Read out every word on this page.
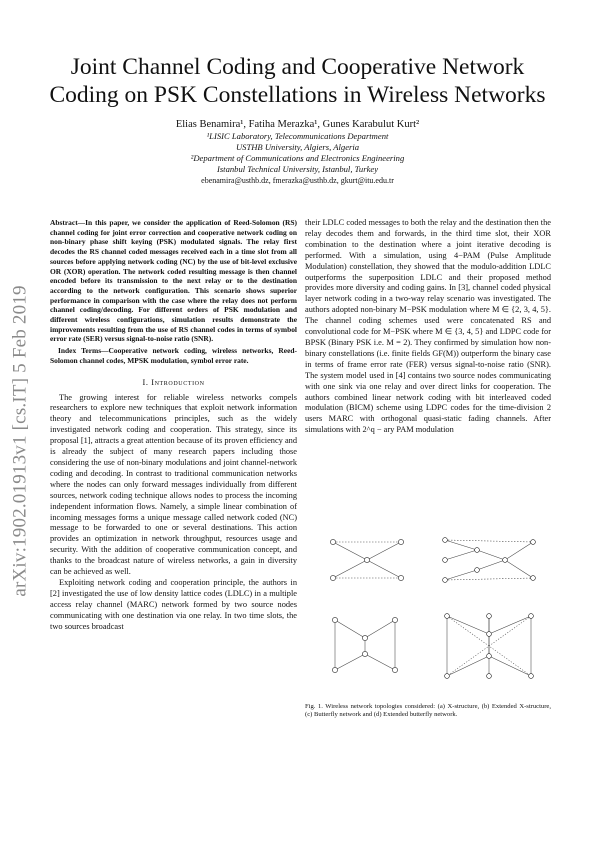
arXiv:1902.01913v1 [cs.IT] 5 Feb 2019
Joint Channel Coding and Cooperative Network Coding on PSK Constellations in Wireless Networks
Elias Benamira¹, Fatiha Merazka¹, Gunes Karabulut Kurt²
¹LISIC Laboratory, Telecommunications Department
USTHB University, Algiers, Algeria
²Department of Communications and Electronics Engineering
Istanbul Technical University, Istanbul, Turkey
ebenamira@usthb.dz, fmerazka@usthb.dz, gkurt@itu.edu.tr

Abstract—In this paper, we consider the application of Reed-Solomon (RS) channel coding for joint error correction and cooperative network coding on non-binary phase shift keying (PSK) modulated signals. The relay first decodes the RS channel coded messages received each in a time slot from all sources before applying network coding (NC) by the use of bit-level exclusive OR (XOR) operation. The network coded resulting message is then channel encoded before its transmission to the next relay or to the destination according to the network configuration. This scenario shows superior performance in comparison with the case where the relay does not perform channel coding/decoding. For different orders of PSK modulation and different wireless configurations, simulation results demonstrate the improvements resulting from the use of RS channel codes in terms of symbol error rate (SER) versus signal-to-noise ratio (SNR).

Index Terms—Cooperative network coding, wireless networks, Reed-Solomon channel codes, MPSK modulation, symbol error rate.

I. Introduction

The growing interest for reliable wireless networks compels researchers to explore new techniques that exploit network information theory and telecommunications principles, such as the widely investigated network coding and cooperation. This strategy, since its proposal [1], attracts a great attention because of its proven efficiency and is already the subject of many research papers including those considering the use of non-binary modulations and joint channel-network coding and decoding. In contrast to traditional communication networks where the nodes can only forward messages individually from different sources, network coding technique allows nodes to process the incoming independent information flows. Namely, a simple linear combination of incoming messages forms a unique message called network coded (NC) message to be forwarded to one or several destinations. This action provides an optimization in network throughput, resources usage and security. With the addition of cooperative communication concept, and thanks to the broadcast nature of wireless networks, a gain in diversity can be achieved as well.

Exploiting network coding and cooperation principle, the authors in [2] investigated the use of low density lattice codes (LDLC) in a multiple access relay channel (MARC) network formed by two source nodes communicating with one destination via one relay. In two time slots, the two sources broadcast

their LDLC coded messages to both the relay and the destination then the relay decodes them and forwards, in the third time slot, their XOR combination to the destination where a joint iterative decoding is performed. With a simulation, using 4−PAM (Pulse Amplitude Modulation) constellation, they showed that the modulo-addition LDLC outperforms the superposition LDLC and their proposed method provides more diversity and coding gains. In [3], channel coded physical layer network coding in a two-way relay scenario was investigated. The authors adopted non-binary M−PSK modulation where M ∈ {2, 3, 4, 5}. The channel coding schemes used were concatenated RS and convolutional code for M−PSK where M ∈ {3, 4, 5} and LDPC code for BPSK (Binary PSK i.e. M = 2). They confirmed by simulation how non-binary constellations (i.e. finite fields GF(M)) outperform the binary case in terms of frame error rate (FER) versus signal-to-noise ratio (SNR). The system model used in [4] contains two source nodes communicating with one sink via one relay and over direct links for cooperation. The authors combined linear network coding with bit interleaved coded modulation (BICM) scheme using LDPC codes for the time-division 2 users MARC with orthogonal quasi-static fading channels. After simulations with 2^q − ary PAM modulation

Fig. 1. Wireless network topologies considered: (a) X-structure, (b) Extended X-structure, (c) Butterfly network and (d) Extended butterfly network.
